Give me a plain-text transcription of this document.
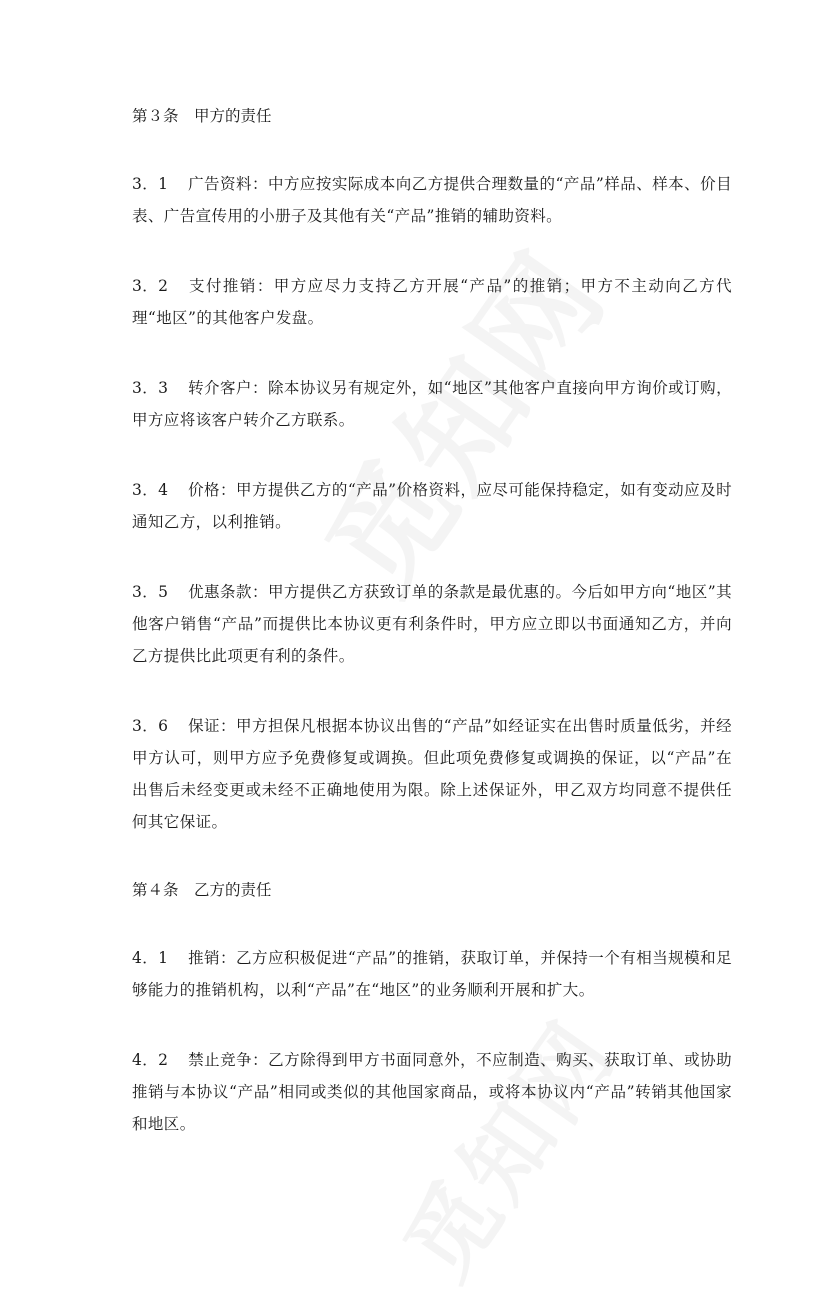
第３条　甲方的责任

3．1 广告资料：中方应按实际成本向乙方提供合理数量的“产品”样品、样本、价目表、广告宣传用的小册子及其他有关“产品”推销的辅助资料。

3．2 支付推销：甲方应尽力支持乙方开展“产品”的推销；甲方不主动向乙方代理“地区”的其他客户发盘。

3．3 转介客户：除本协议另有规定外，如“地区”其他客户直接向甲方询价或订购，甲方应将该客户转介乙方联系。

3．4 价格：甲方提供乙方的“产品”价格资料，应尽可能保持稳定，如有变动应及时通知乙方，以利推销。

3．5 优惠条款：甲方提供乙方获致订单的条款是最优惠的。今后如甲方向“地区”其他客户销售“产品”而提供比本协议更有利条件时，甲方应立即以书面通知乙方，并向乙方提供比此项更有利的条件。

3．6 保证：甲方担保凡根据本协议出售的“产品”如经证实在出售时质量低劣，并经甲方认可，则甲方应予免费修复或调换。但此项免费修复或调换的保证，以“产品”在出售后未经变更或未经不正确地使用为限。除上述保证外，甲乙双方均同意不提供任何其它保证。

第４条　乙方的责任

4．1 推销：乙方应积极促进“产品”的推销，获取订单，并保持一个有相当规模和足够能力的推销机构，以利“产品”在“地区”的业务顺利开展和扩大。

4．2 禁止竞争：乙方除得到甲方书面同意外，不应制造、购买、获取订单、或协助推销与本协议“产品”相同或类似的其他国家商品，或将本协议内“产品”转销其他国家和地区。
